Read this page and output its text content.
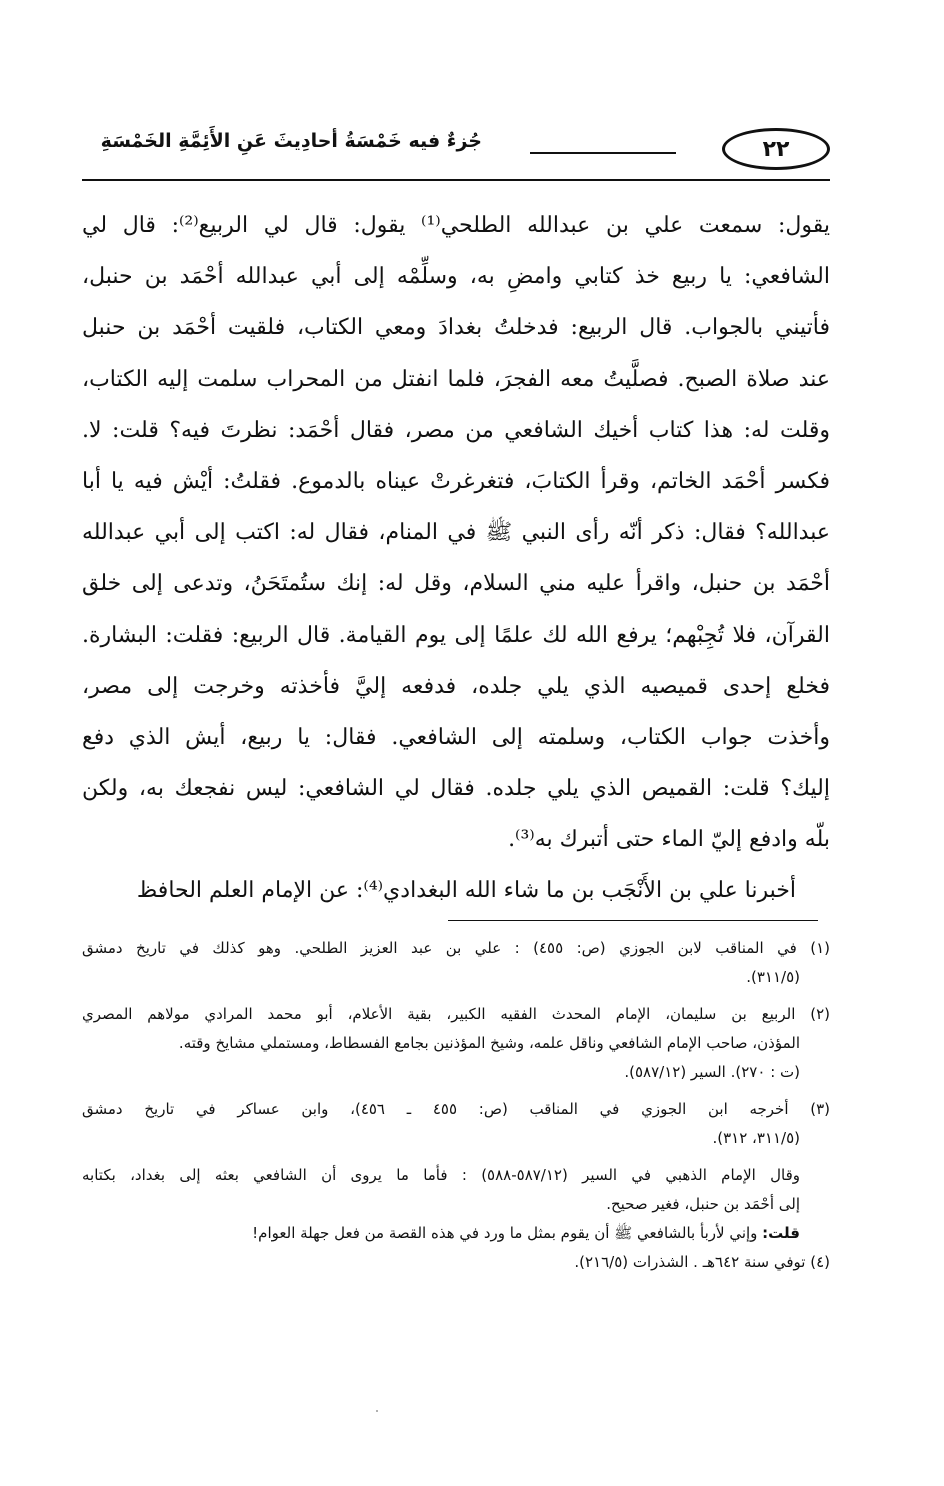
٢٢
جُزءٌ فيه خَمْسَةُ أحادِيثَ عَنِ الأَئِمَّةِ الخَمْسَةِ
يقول: سمعت علي بن عبدالله الطلحي⁽¹⁾ يقول: قال لي الربيع⁽²⁾: قال لي
الشافعي: يا ربيع خذ كتابي وامضِ به، وسلِّمْه إلى أبي عبدالله أحْمَد بن حنبل،
فأتيني بالجواب. قال الربيع: فدخلتُ بغدادَ ومعي الكتاب، فلقيت أحْمَد بن حنبل
عند صلاة الصبح. فصلَّيتُ معه الفجرَ، فلما انفتل من المحراب سلمت إليه الكتاب،
وقلت له: هذا كتاب أخيك الشافعي من مصر، فقال أحْمَد: نظرتَ فيه؟ قلت: لا.
فكسر أحْمَد الخاتم، وقرأ الكتابَ، فتغرغرتْ عيناه بالدموع. فقلتُ: أيْش فيه يا أبا
عبدالله؟ فقال: ذكر أنّه رأى النبي ﷺ في المنام، فقال له: اكتب إلى أبي عبدالله
أحْمَد بن حنبل، واقرأ عليه مني السلام، وقل له: إنك ستُمتَحَنُ، وتدعى إلى خلق
القرآن، فلا تُجِبْهم؛ يرفع الله لك علمًا إلى يوم القيامة. قال الربيع: فقلت: البشارة.
فخلع إحدى قميصيه الذي يلي جلده، فدفعه إليَّ فأخذته وخرجت إلى مصر،
وأخذت جواب الكتاب، وسلمته إلى الشافعي. فقال: يا ربيع، أيش الذي دفع
إليك؟ قلت: القميص الذي يلي جلده. فقال لي الشافعي: ليس نفجعك به، ولكن
بلّه وادفع إليّ الماء حتى أتبرك به⁽³⁾.
أخبرنا علي بن الأَنْجَب بن ما شاء الله البغدادي⁽⁴⁾: عن الإمام العلم الحافظ
(١) في المناقب لابن الجوزي (ص: ٤٥٥) : علي بن عبد العزيز الطلحي. وهو كذلك في تاريخ دمشق
(٣١١/٥).
(٢) الربيع بن سليمان، الإمام المحدث الفقيه الكبير، بقية الأعلام، أبو محمد المرادي مولاهم المصري
المؤذن، صاحب الإمام الشافعي وناقل علمه، وشيخ المؤذنين بجامع الفسطاط، ومستملي مشايخ وقته.
(ت : ٢٧٠). السير (٥٨٧/١٢).
(٣) أخرجه ابن الجوزي في المناقب (ص: ٤٥٥ ـ ٤٥٦)، وابن عساكر في تاريخ دمشق
(٣١١/٥، ٣١٢).
وقال الإمام الذهبي في السير (٥٨٧/١٢-٥٨٨) : فأما ما يروى أن الشافعي بعثه إلى بغداد، بكتابه
إلى أحْمَد بن حنبل، فغير صحيح.
قلت: وإني لأربأ بالشافعي ﷺ أن يقوم بمثل ما ورد في هذه القصة من فعل جهلة العوام!
(٤) توفي سنة ٦٤٢هـ . الشذرات (٢١٦/٥).
